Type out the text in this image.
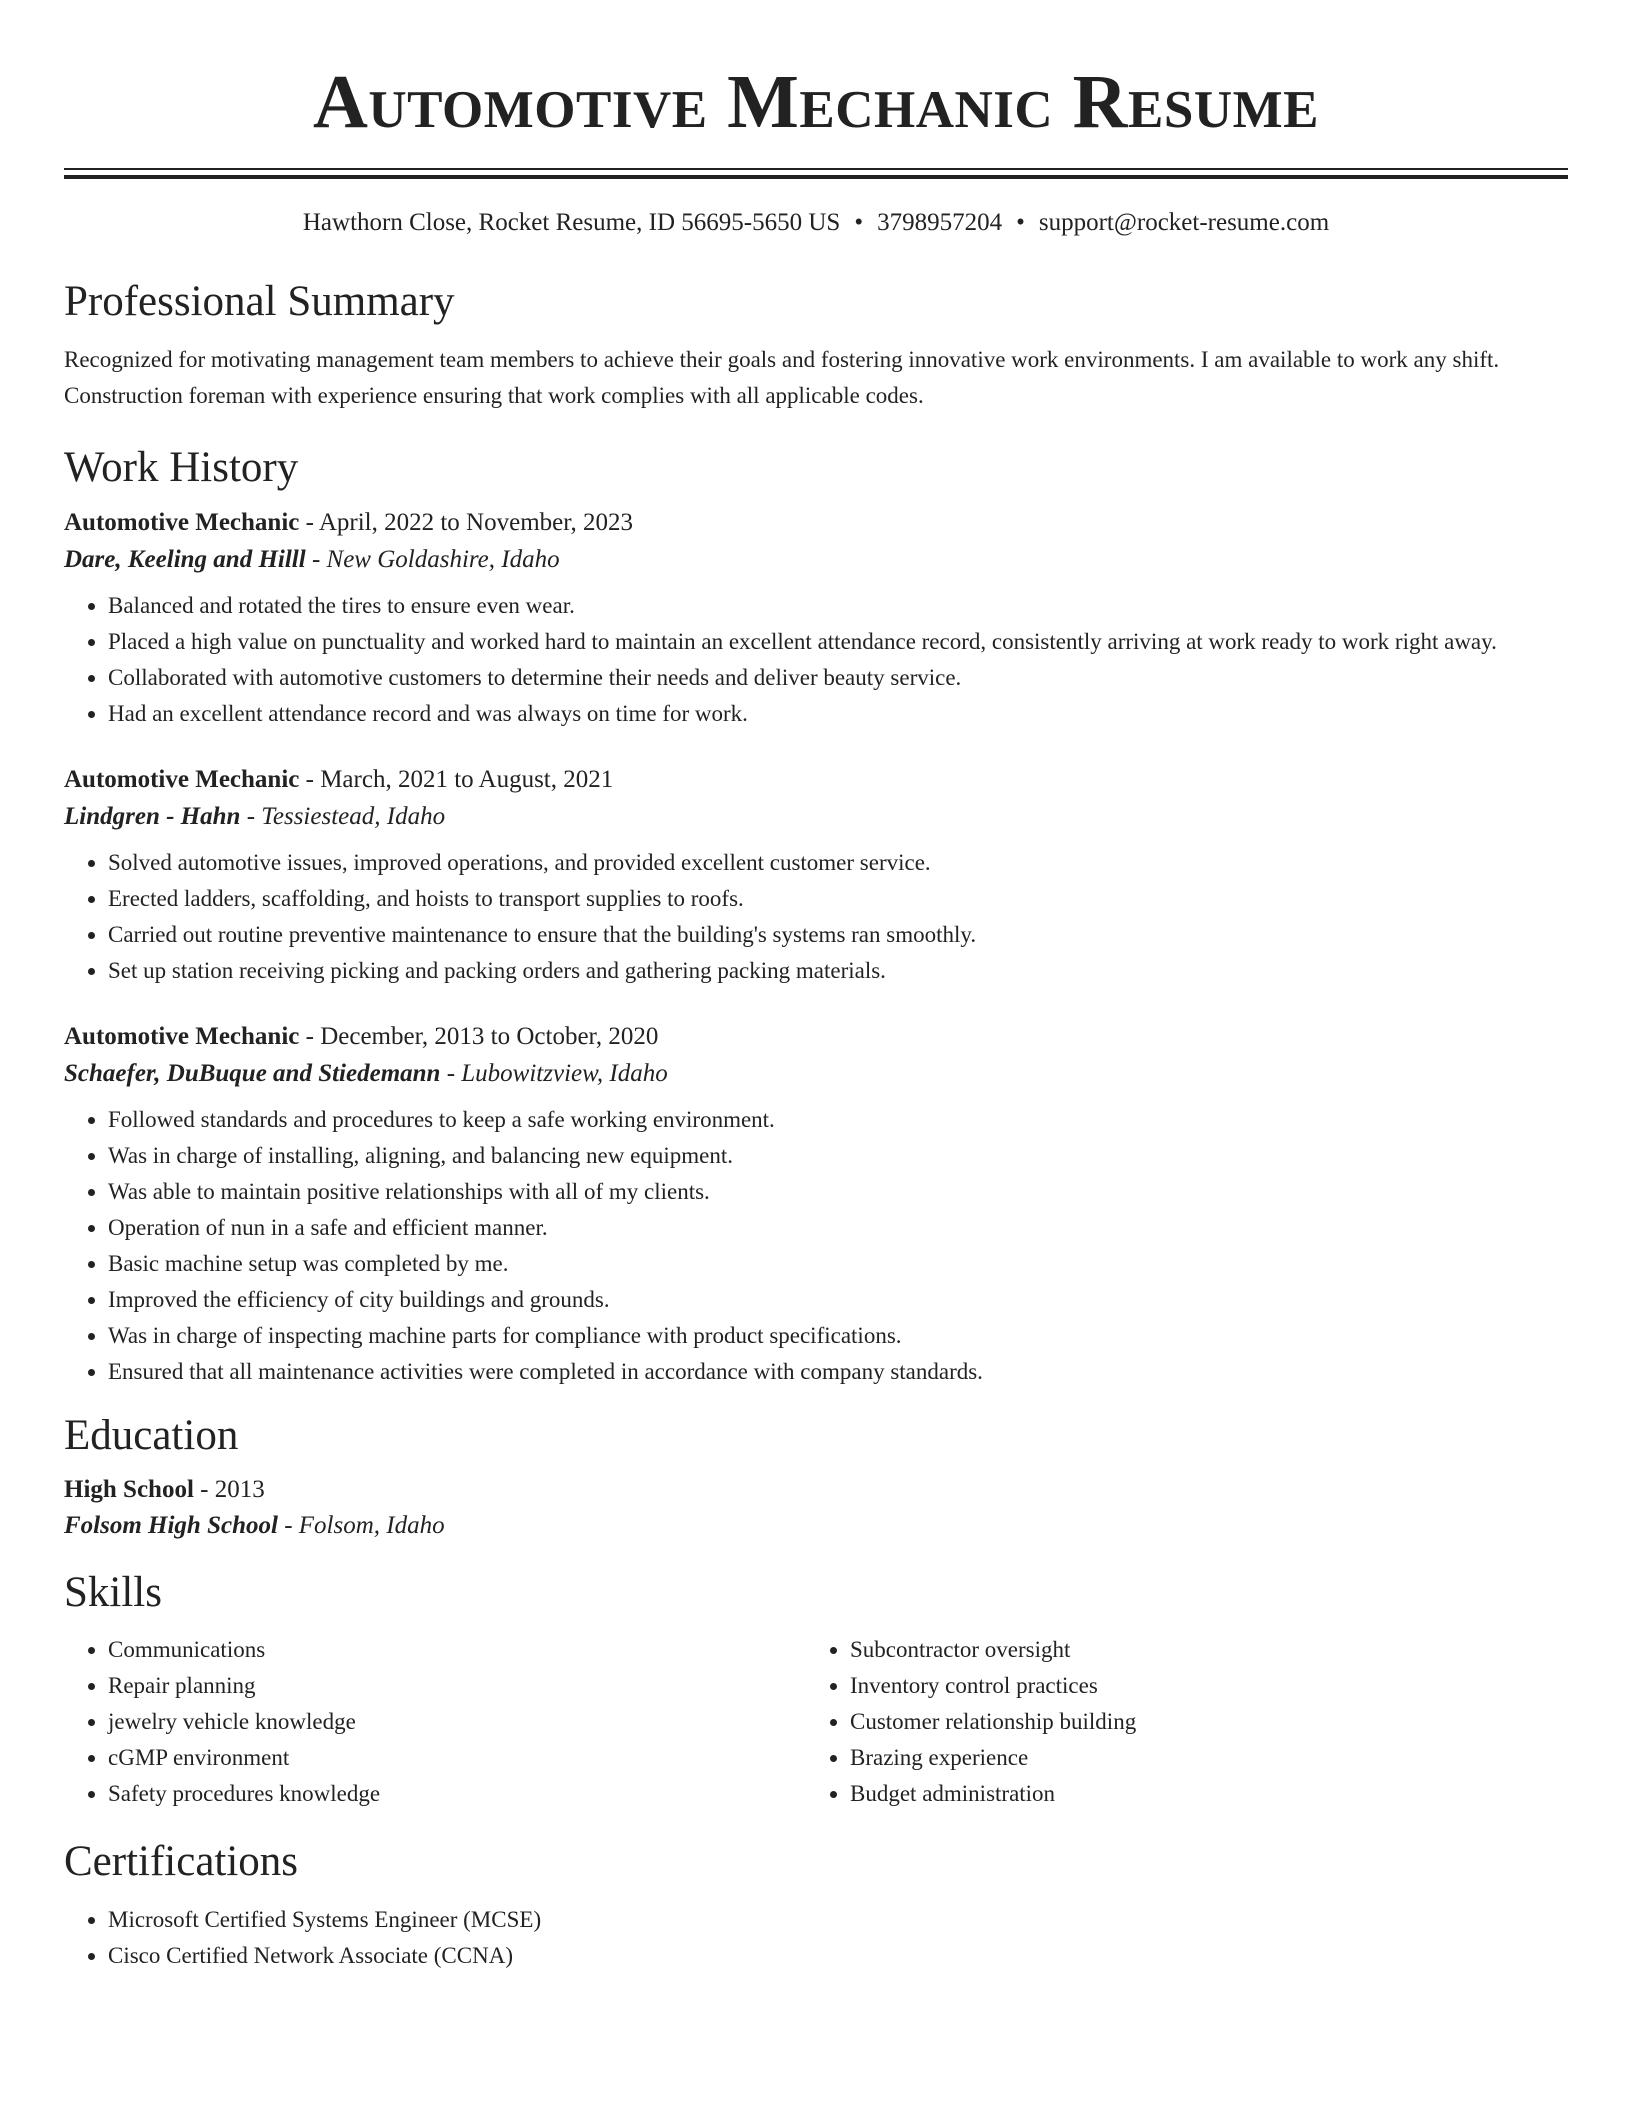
Automotive Mechanic Resume
Hawthorn Close, Rocket Resume, ID 56695-5650 US • 3798957204 • support@rocket-resume.com
Professional Summary

Recognized for motivating management team members to achieve their goals and fostering innovative work environments. I am available to work any shift. Construction foreman with experience ensuring that work complies with all applicable codes.

Work History

Automotive Mechanic - April, 2022 to November, 2023

Dare, Keeling and Hilll - New Goldashire, Idaho

• Balanced and rotated the tires to ensure even wear.
• Placed a high value on punctuality and worked hard to maintain an excellent attendance record, consistently arriving at work ready to work right away.
• Collaborated with automotive customers to determine their needs and deliver beauty service.
• Had an excellent attendance record and was always on time for work.

Automotive Mechanic - March, 2021 to August, 2021

Lindgren - Hahn - Tessiestead, Idaho

• Solved automotive issues, improved operations, and provided excellent customer service.
• Erected ladders, scaffolding, and hoists to transport supplies to roofs.
• Carried out routine preventive maintenance to ensure that the building's systems ran smoothly.
• Set up station receiving picking and packing orders and gathering packing materials.

Automotive Mechanic - December, 2013 to October, 2020

Schaefer, DuBuque and Stiedemann - Lubowitzview, Idaho

• Followed standards and procedures to keep a safe working environment.
• Was in charge of installing, aligning, and balancing new equipment.
• Was able to maintain positive relationships with all of my clients.
• Operation of nun in a safe and efficient manner.
• Basic machine setup was completed by me.
• Improved the efficiency of city buildings and grounds.
• Was in charge of inspecting machine parts for compliance with product specifications.
• Ensured that all maintenance activities were completed in accordance with company standards.
Education

High School - 2013

Folsom High School - Folsom, Idaho

Skills
• Communications
• Repair planning
• jewelry vehicle knowledge
• cGMP environment
• Safety procedures knowledge
• Subcontractor oversight
• Inventory control practices
• Customer relationship building
• Brazing experience
• Budget administration
Certifications
• Microsoft Certified Systems Engineer (MCSE)
• Cisco Certified Network Associate (CCNA)
